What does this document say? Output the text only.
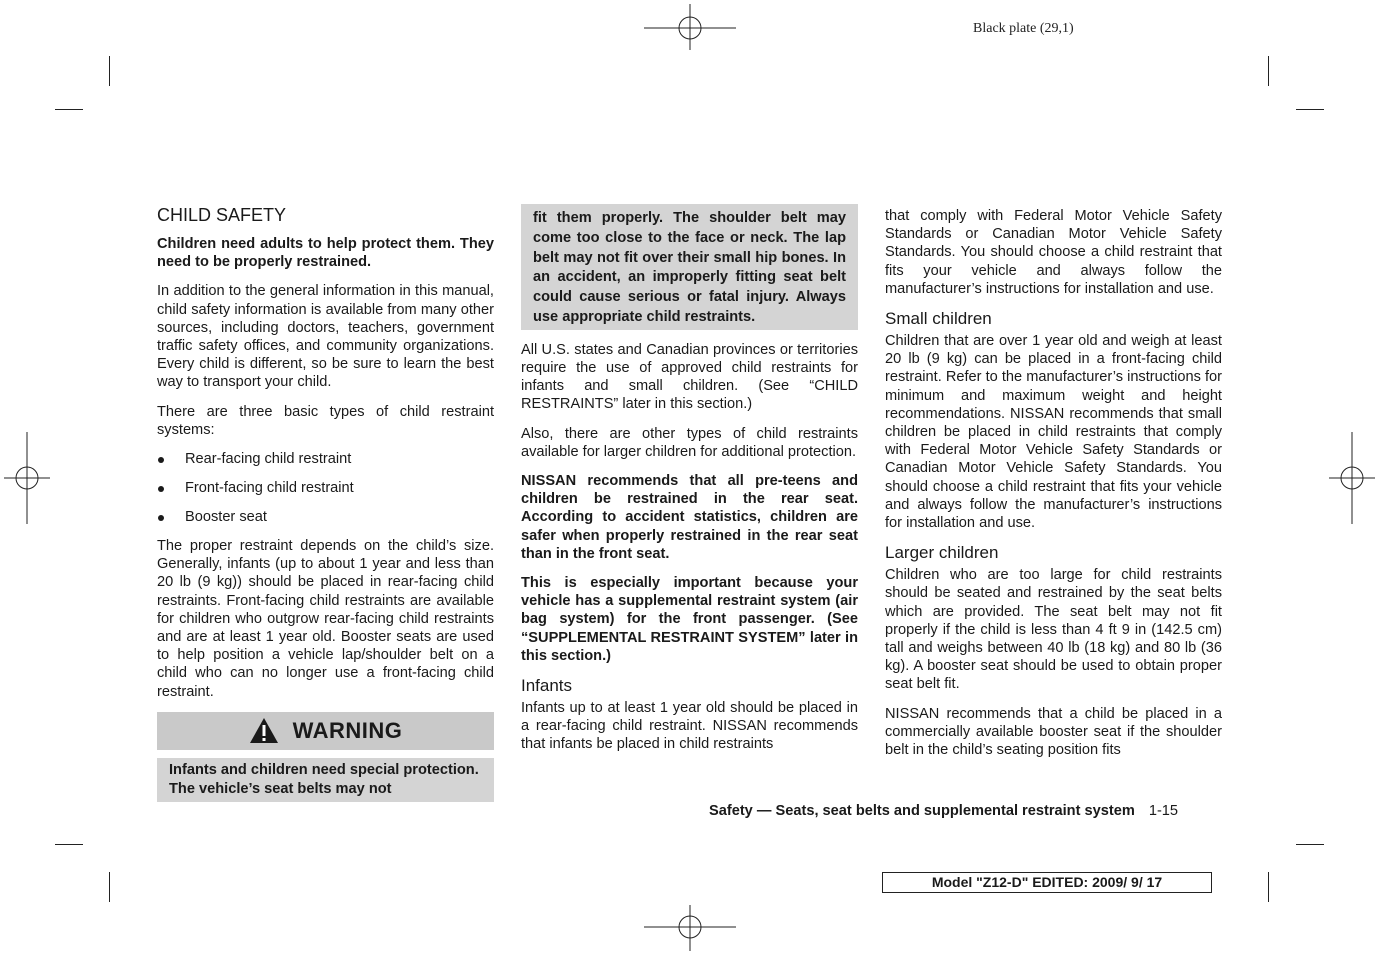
Black plate (29,1)
CHILD SAFETY

Children need adults to help protect them. They need to be properly restrained.

In addition to the general information in this manual, child safety information is available from many other sources, including doctors, teachers, government traffic safety offices, and community organizations. Every child is different, so be sure to learn the best way to transport your child.

There are three basic types of child restraint systems:

Rear-facing child restraint
Front-facing child restraint
Booster seat

The proper restraint depends on the child’s size. Generally, infants (up to about 1 year and less than 20 lb (9 kg)) should be placed in rear-facing child restraints. Front-facing child restraints are available for children who outgrow rear-facing child restraints and are at least 1 year old. Booster seats are used to help position a vehicle lap/shoulder belt on a child who can no longer use a front-facing child restraint.

WARNING
Infants and children need special protection. The vehicle’s seat belts may not
fit them properly. The shoulder belt may come too close to the face or neck. The lap belt may not fit over their small hip bones. In an accident, an improperly fitting seat belt could cause serious or fatal injury. Always use appropriate child restraints.

All U.S. states and Canadian provinces or territories require the use of approved child restraints for infants and small children. (See “CHILD RESTRAINTS” later in this section.)

Also, there are other types of child restraints available for larger children for additional protection.

NISSAN recommends that all pre-teens and children be restrained in the rear seat. According to accident statistics, children are safer when properly restrained in the rear seat than in the front seat.

This is especially important because your vehicle has a supplemental restraint system (air bag system) for the front passenger. (See “SUPPLEMENTAL RESTRAINT SYSTEM” later in this section.)

Infants

Infants up to at least 1 year old should be placed in a rear-facing child restraint. NISSAN recommends that infants be placed in child restraints

that comply with Federal Motor Vehicle Safety Standards or Canadian Motor Vehicle Safety Standards. You should choose a child restraint that fits your vehicle and always follow the manufacturer’s instructions for installation and use.

Small children

Children that are over 1 year old and weigh at least 20 lb (9 kg) can be placed in a front-facing child restraint. Refer to the manufacturer’s instructions for minimum and maximum weight and height recommendations. NISSAN recommends that small children be placed in child restraints that comply with Federal Motor Vehicle Safety Standards or Canadian Motor Vehicle Safety Standards. You should choose a child restraint that fits your vehicle and always follow the manufacturer’s instructions for installation and use.

Larger children

Children who are too large for child restraints should be seated and restrained by the seat belts which are provided. The seat belt may not fit properly if the child is less than 4 ft 9 in (142.5 cm) tall and weighs between 40 lb (18 kg) and 80 lb (36 kg). A booster seat should be used to obtain proper seat belt fit.

NISSAN recommends that a child be placed in a commercially available booster seat if the shoulder belt in the child’s seating position fits

Safety — Seats, seat belts and supplemental restraint system 1-15
Model "Z12-D" EDITED: 2009/ 9/ 17
